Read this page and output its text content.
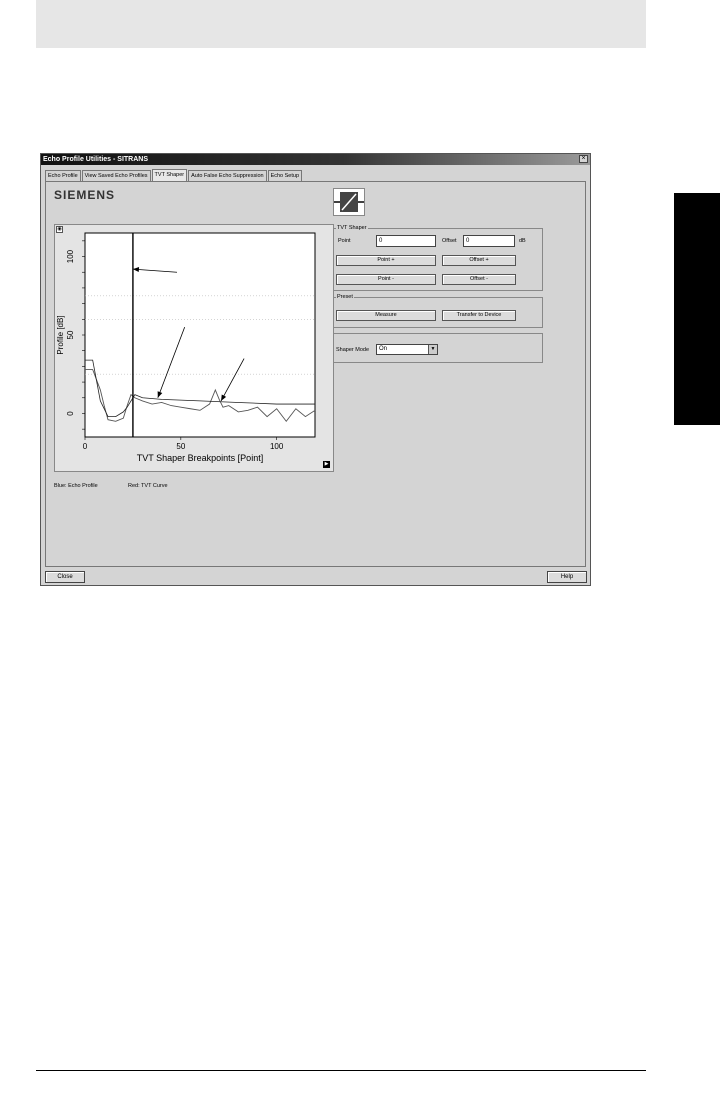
Echo Profile Utilities - SITRANS	×
Echo Profile	View Saved Echo Profiles	TVT Shaper	Auto False Echo Suppression	Echo Setup
SIEMENS
◉
0
50
100
0	50	100
TVT Shaper Breakpoints [Point]
Profile [dB]
▶
Blue: Echo Profile	Red: TVT Curve
TVT Shaper
Point	0	Offset	0	dB
Point +	Offset +
Point -	Offset -
Preset
Measure	Transfer to Device
Shaper Mode	On	▼
Close	Help
